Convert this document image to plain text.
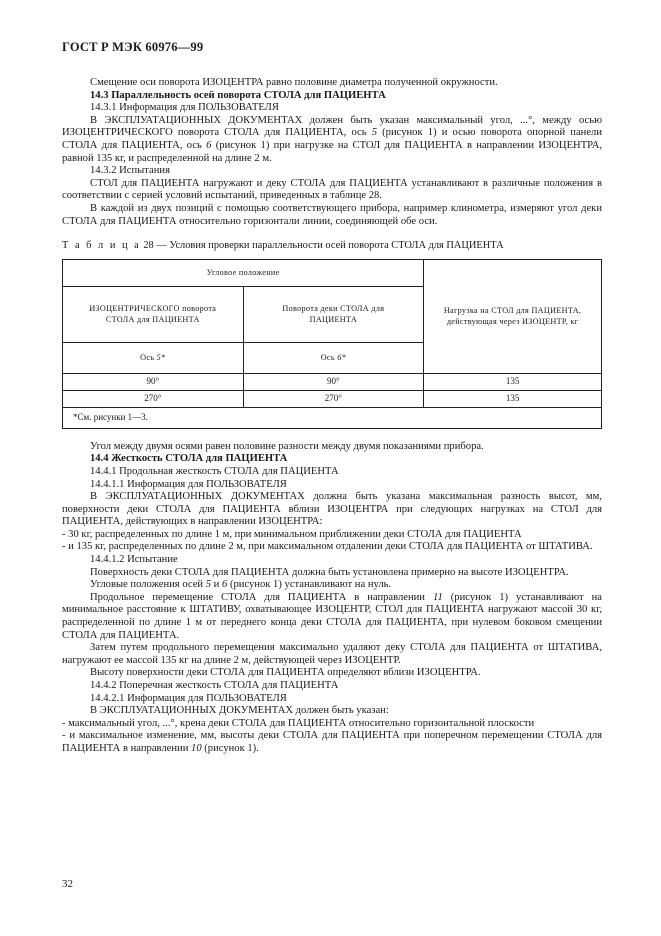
ГОСТ Р МЭК 60976—99

Смещение оси поворота ИЗОЦЕНТРА равно половине диаметра полученной окружности.

14.3 Параллельность осей поворота СТОЛА для ПАЦИЕНТА

14.3.1 Информация для ПОЛЬЗОВАТЕЛЯ

В ЭКСПЛУАТАЦИОННЫХ ДОКУМЕНТАХ должен быть указан максимальный угол, ...°, между осью ИЗОЦЕНТРИЧЕСКОГО поворота СТОЛА для ПАЦИЕНТА, ось 5 (рисунок 1) и осью поворота опорной панели СТОЛА для ПАЦИЕНТА, ось 6 (рисунок 1) при нагрузке на СТОЛ для ПАЦИЕНТА в направлении ИЗОЦЕНТРА, равной 135 кг, и распределенной на длине 2 м.

14.3.2 Испытания

СТОЛ для ПАЦИЕНТА нагружают и деку СТОЛА для ПАЦИЕНТА устанавливают в различные положения в соответствии с серией условий испытаний, приведенных в таблице 28.

В каждой из двух позиций с помощью соответствующего прибора, например клинометра, измеряют угол деки СТОЛА для ПАЦИЕНТА относительно горизонтали линии, соединяющей обе оси.

Т а б л и ц а 28 — Условия проверки параллельности осей поворота СТОЛА для ПАЦИЕНТА
Угловое положение		Нагрузка на СТОЛ для ПАЦИЕНТА, действующая через ИЗОЦЕНТР, кг
ИЗОЦЕНТРИЧЕСКОГО поворота СТОЛА для ПАЦИЕНТА	Поворота деки СТОЛА для ПАЦИЕНТА	
Ось 5*	Ось 6*	
90°	90°	135
270°	270°	135
*См. рисунки 1—3.		

Угол между двумя осями равен половине разности между двумя показаниями прибора.

14.4 Жесткость СТОЛА для ПАЦИЕНТА

14.4.1 Продольная жесткость СТОЛА для ПАЦИЕНТА

14.4.1.1 Информация для ПОЛЬЗОВАТЕЛЯ

В ЭКСПЛУАТАЦИОННЫХ ДОКУМЕНТАХ должна быть указана максимальная разность высот, мм, поверхности деки СТОЛА для ПАЦИЕНТА вблизи ИЗОЦЕНТРА при следующих нагрузках на СТОЛ для ПАЦИЕНТА, действующих в направлении ИЗОЦЕНТРА:

- 30 кг, распределенных по длине 1 м, при минимальном приближении деки СТОЛА для ПАЦИЕНТА

- и 135 кг, распределенных по длине 2 м, при максимальном отдалении деки СТОЛА для ПАЦИЕНТА от ШТАТИВА.

14.4.1.2 Испытание

Поверхность деки СТОЛА для ПАЦИЕНТА должна быть установлена примерно на высоте ИЗОЦЕНТРА.

Угловые положения осей 5 и 6 (рисунок 1) устанавливают на нуль.

Продольное перемещение СТОЛА для ПАЦИЕНТА в направлении 11 (рисунок 1) устанавливают на минимальное расстояние к ШТАТИВУ, охватывающее ИЗОЦЕНТР, СТОЛ для ПАЦИЕНТА нагружают массой 30 кг, распределенной по длине 1 м от переднего конца деки СТОЛА для ПАЦИЕНТА, при нулевом боковом смещении СТОЛА для ПАЦИЕНТА.

Затем путем продольного перемещения максимально удаляют деку СТОЛА для ПАЦИЕНТА от ШТАТИВА, нагружают ее массой 135 кг на длине 2 м, действующей через ИЗОЦЕНТР.

Высоту поверхности деки СТОЛА для ПАЦИЕНТА определяют вблизи ИЗОЦЕНТРА.

14.4.2 Поперечная жесткость СТОЛА для ПАЦИЕНТА

14.4.2.1 Информация для ПОЛЬЗОВАТЕЛЯ

В ЭКСПЛУАТАЦИОННЫХ ДОКУМЕНТАХ должен быть указан:

- максимальный угол, ...°, крена деки СТОЛА для ПАЦИЕНТА относительно горизонтальной плоскости

- и максимальное изменение, мм, высоты деки СТОЛА для ПАЦИЕНТА при поперечном перемещении СТОЛА для ПАЦИЕНТА в направлении 10 (рисунок 1).

32
